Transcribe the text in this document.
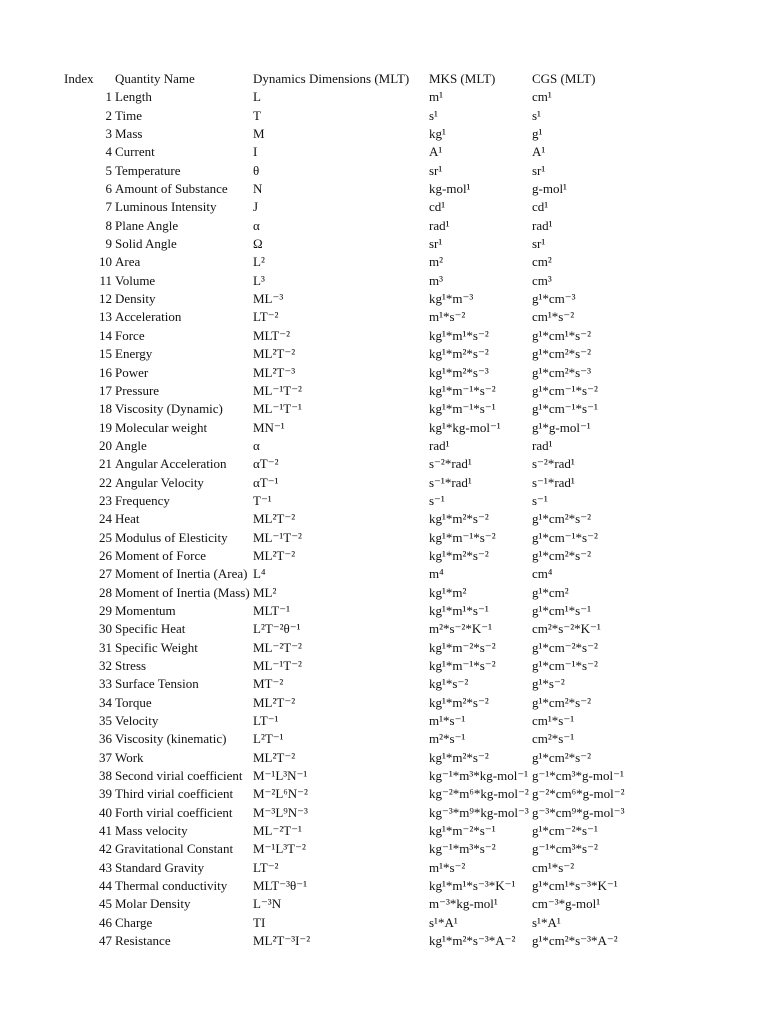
Index Quantity Name	Dynamics Dimensions (MLT) MKS (MLT)	CGS (MLT)
1 Length	L	m¹	cm¹
2 Time	T	s¹	s¹
3 Mass	M	kg¹	g¹
4 Current	I	A¹	A¹
5 Temperature	θ	sr¹	sr¹
6 Amount of Substance	N	kg-mol¹	g-mol¹
7 Luminous Intensity	J	cd¹	cd¹
8 Plane Angle	α	rad¹	rad¹
9 Solid Angle	Ω	sr¹	sr¹
10 Area	L²	m²	cm²
11 Volume	L³	m³	cm³
12 Density	ML⁻³	kg¹*m⁻³	g¹*cm⁻³
13 Acceleration	LT⁻²	m¹*s⁻²	cm¹*s⁻²
14 Force	MLT⁻²	kg¹*m¹*s⁻²	g¹*cm¹*s⁻²
15 Energy	ML²T⁻²	kg¹*m²*s⁻²	g¹*cm²*s⁻²
16 Power	ML²T⁻³	kg¹*m²*s⁻³	g¹*cm²*s⁻³
17 Pressure	ML⁻¹T⁻²	kg¹*m⁻¹*s⁻²	g¹*cm⁻¹*s⁻²
18 Viscosity (Dynamic)	ML⁻¹T⁻¹	kg¹*m⁻¹*s⁻¹	g¹*cm⁻¹*s⁻¹
19 Molecular weight	MN⁻¹	kg¹*kg-mol⁻¹	g¹*g-mol⁻¹
20 Angle	α	rad¹	rad¹
21 Angular Acceleration	αT⁻²	s⁻²*rad¹	s⁻²*rad¹
22 Angular Velocity	αT⁻¹	s⁻¹*rad¹	s⁻¹*rad¹
23 Frequency	T⁻¹	s⁻¹	s⁻¹
24 Heat	ML²T⁻²	kg¹*m²*s⁻²	g¹*cm²*s⁻²
25 Modulus of Elesticity	ML⁻¹T⁻²	kg¹*m⁻¹*s⁻²	g¹*cm⁻¹*s⁻²
26 Moment of Force	ML²T⁻²	kg¹*m²*s⁻²	g¹*cm²*s⁻²
27 Moment of Inertia (Area) L⁴	m⁴	cm⁴
28 Moment of Inertia (Mass) ML²	kg¹*m²	g¹*cm²
29 Momentum	MLT⁻¹	kg¹*m¹*s⁻¹	g¹*cm¹*s⁻¹
30 Specific Heat	L²T⁻²θ⁻¹	m²*s⁻²*K⁻¹	cm²*s⁻²*K⁻¹
31 Specific Weight	ML⁻²T⁻²	kg¹*m⁻²*s⁻²	g¹*cm⁻²*s⁻²
32 Stress	ML⁻¹T⁻²	kg¹*m⁻¹*s⁻²	g¹*cm⁻¹*s⁻²
33 Surface Tension	MT⁻²	kg¹*s⁻²	g¹*s⁻²
34 Torque	ML²T⁻²	kg¹*m²*s⁻²	g¹*cm²*s⁻²
35 Velocity	LT⁻¹	m¹*s⁻¹	cm¹*s⁻¹
36 Viscosity (kinematic)	L²T⁻¹	m²*s⁻¹	cm²*s⁻¹
37 Work	ML²T⁻²	kg¹*m²*s⁻²	g¹*cm²*s⁻²
38 Second virial coefficient M⁻¹L³N⁻¹	kg⁻¹*m³*kg-mol⁻¹ g⁻¹*cm³*g-mol⁻¹
39 Third virial coefficient	M⁻²L⁶N⁻²	kg⁻²*m⁶*kg-mol⁻² g⁻²*cm⁶*g-mol⁻²
40 Forth virial coefficient	M⁻³L⁹N⁻³	kg⁻³*m⁹*kg-mol⁻³ g⁻³*cm⁹*g-mol⁻³
41 Mass velocity	ML⁻²T⁻¹	kg¹*m⁻²*s⁻¹	g¹*cm⁻²*s⁻¹
42 Gravitational Constant	M⁻¹L³T⁻²	kg⁻¹*m³*s⁻²	g⁻¹*cm³*s⁻²
43 Standard Gravity	LT⁻²	m¹*s⁻²	cm¹*s⁻²
44 Thermal conductivity	MLT⁻³θ⁻¹	kg¹*m¹*s⁻³*K⁻¹	g¹*cm¹*s⁻³*K⁻¹
45 Molar Density	L⁻³N	m⁻³*kg-mol¹	cm⁻³*g-mol¹
46 Charge	TI	s¹*A¹	s¹*A¹
47 Resistance	ML²T⁻³I⁻²	kg¹*m²*s⁻³*A⁻²	g¹*cm²*s⁻³*A⁻²
